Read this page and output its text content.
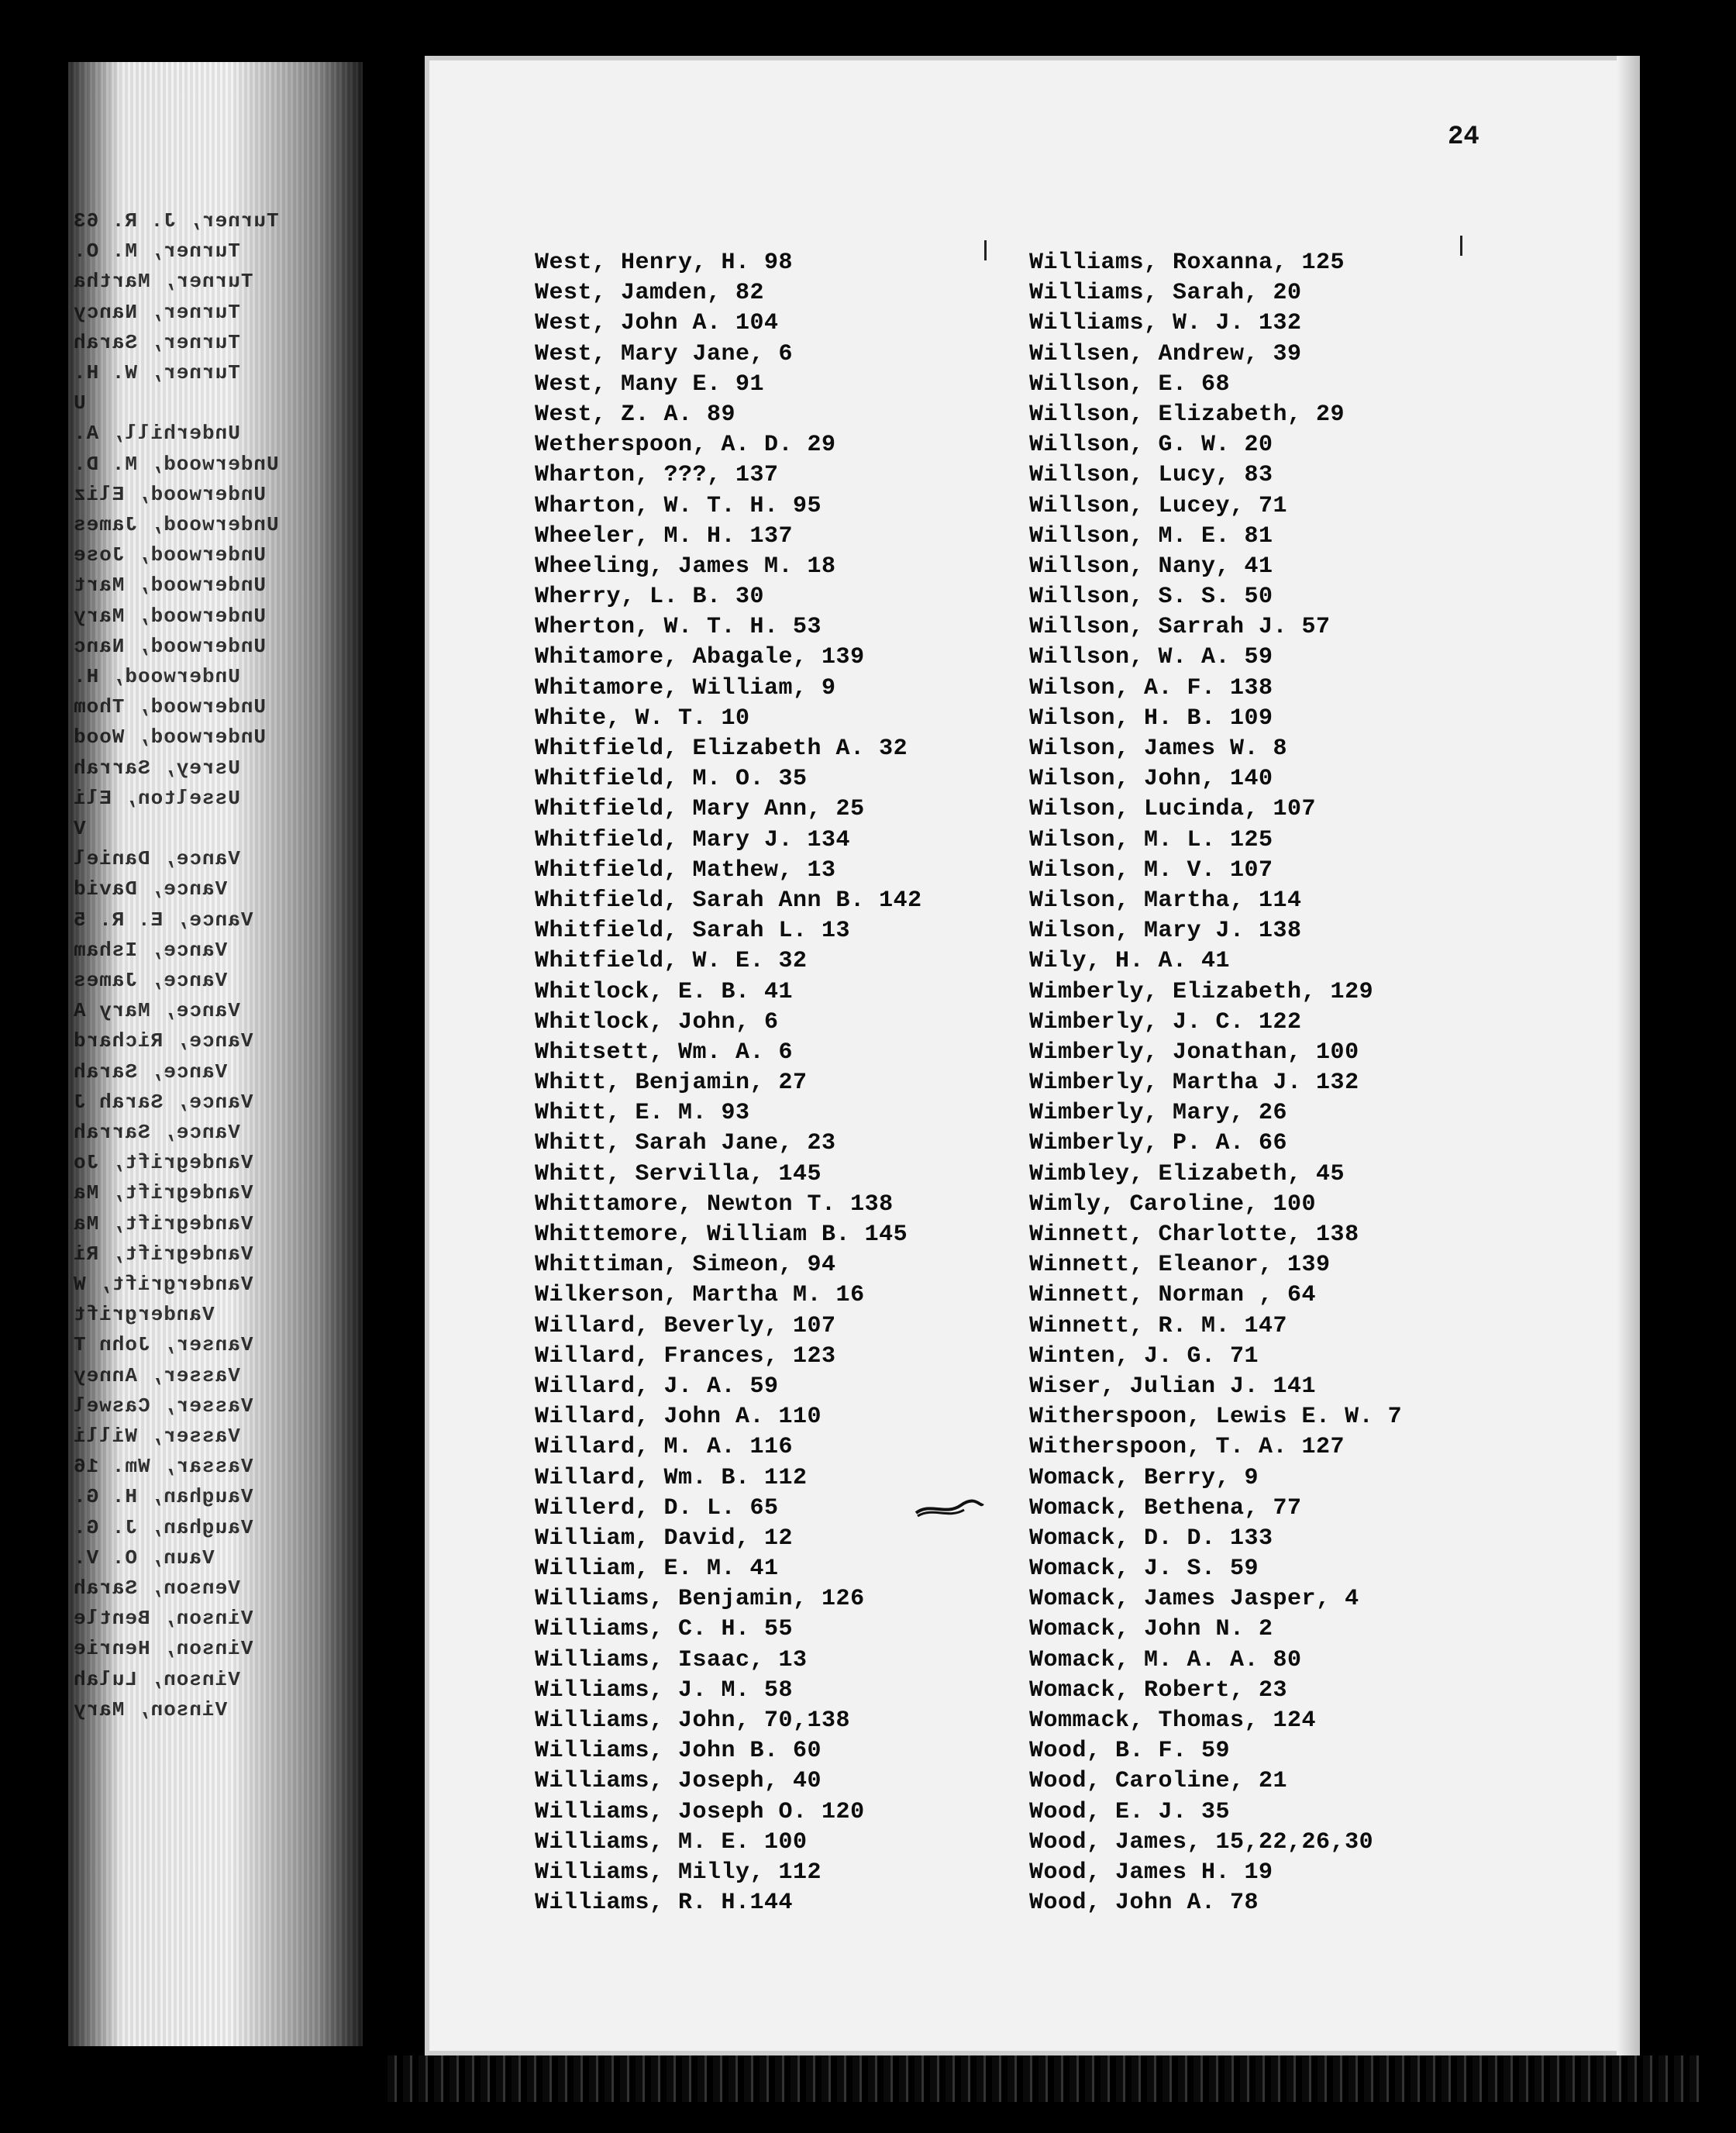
Turner, J. R. 63
Turner, M. O.
Turner, Martha
Turner, Nancy
Turner, Sarah
Turner, W. H.
U
Underhill, A.
Underwood, M. D.
Underwood, Eliz
Underwood, James
Underwood, Jose
Underwood, Mart
Underwood, Mary
Underwood, Nanc
Underwood, H.
Underwood, Thom
Underwood, Wood
Usrey, Sarrah
Usselton, Eli
V
Vance, Daniel
Vance, David
Vance, E. R. 5
Vance, Isham
Vance, James
Vance, Mary A
Vance, Richard
Vance, Sarah
Vance, Sarah J
Vance, Sarrah
Vandegrift, Jo
Vandegrift, Ma
Vandegrift, Ma
Vandegrift, Ri
Vandergrift, W
Vandergrift
Vanser, John T
Vasser, Anney
Vasser, Caswel
Vasser, Willi
Vassar, Wm. 16
Vaughan, H. G.
Vaughan, J. G.
Vaun, O. V.
Venson, Sarah
Vinson, Bentle
Vinson, Henrie
Vinson, Lulah
Vinson, Mary
24
West, Henry, H. 98
West, Jamden, 82
West, John A. 104
West, Mary Jane, 6
West, Many E. 91
West, Z. A. 89
Wetherspoon, A. D. 29
Wharton, ???, 137
Wharton, W. T. H. 95
Wheeler, M. H. 137
Wheeling, James M. 18
Wherry, L. B. 30
Wherton, W. T. H. 53
Whitamore, Abagale, 139
Whitamore, William, 9
White, W. T. 10
Whitfield, Elizabeth A. 32
Whitfield, M. O. 35
Whitfield, Mary Ann, 25
Whitfield, Mary J. 134
Whitfield, Mathew, 13
Whitfield, Sarah Ann B. 142
Whitfield, Sarah L. 13
Whitfield, W. E. 32
Whitlock, E. B. 41
Whitlock, John, 6
Whitsett, Wm. A. 6
Whitt, Benjamin, 27
Whitt, E. M. 93
Whitt, Sarah Jane, 23
Whitt, Servilla, 145
Whittamore, Newton T. 138
Whittemore, William B. 145
Whittiman, Simeon, 94
Wilkerson, Martha M. 16
Willard, Beverly, 107
Willard, Frances, 123
Willard, J. A. 59
Willard, John A. 110
Willard, M. A. 116
Willard, Wm. B. 112
Willerd, D. L. 65
William, David, 12
William, E. M. 41
Williams, Benjamin, 126
Williams, C. H. 55
Williams, Isaac, 13
Williams, J. M. 58
Williams, John, 70,138
Williams, John B. 60
Williams, Joseph, 40
Williams, Joseph O. 120
Williams, M. E. 100
Williams, Milly, 112
Williams, R. H.144
Williams, Roxanna, 125
Williams, Sarah, 20
Williams, W. J. 132
Willsen, Andrew, 39
Willson, E. 68
Willson, Elizabeth, 29
Willson, G. W. 20
Willson, Lucy, 83
Willson, Lucey, 71
Willson, M. E. 81
Willson, Nany, 41
Willson, S. S. 50
Willson, Sarrah J. 57
Willson, W. A. 59
Wilson, A. F. 138
Wilson, H. B. 109
Wilson, James W. 8
Wilson, John, 140
Wilson, Lucinda, 107
Wilson, M. L. 125
Wilson, M. V. 107
Wilson, Martha, 114
Wilson, Mary J. 138
Wily, H. A. 41
Wimberly, Elizabeth, 129
Wimberly, J. C. 122
Wimberly, Jonathan, 100
Wimberly, Martha J. 132
Wimberly, Mary, 26
Wimberly, P. A. 66
Wimbley, Elizabeth, 45
Wimly, Caroline, 100
Winnett, Charlotte, 138
Winnett, Eleanor, 139
Winnett, Norman , 64
Winnett, R. M. 147
Winten, J. G. 71
Wiser, Julian J. 141
Witherspoon, Lewis E. W. 7
Witherspoon, T. A. 127
Womack, Berry, 9
Womack, Bethena, 77
Womack, D. D. 133
Womack, J. S. 59
Womack, James Jasper, 4
Womack, John N. 2
Womack, M. A. A. 80
Womack, Robert, 23
Wommack, Thomas, 124
Wood, B. F. 59
Wood, Caroline, 21
Wood, E. J. 35
Wood, James, 15,22,26,30
Wood, James H. 19
Wood, John A. 78
